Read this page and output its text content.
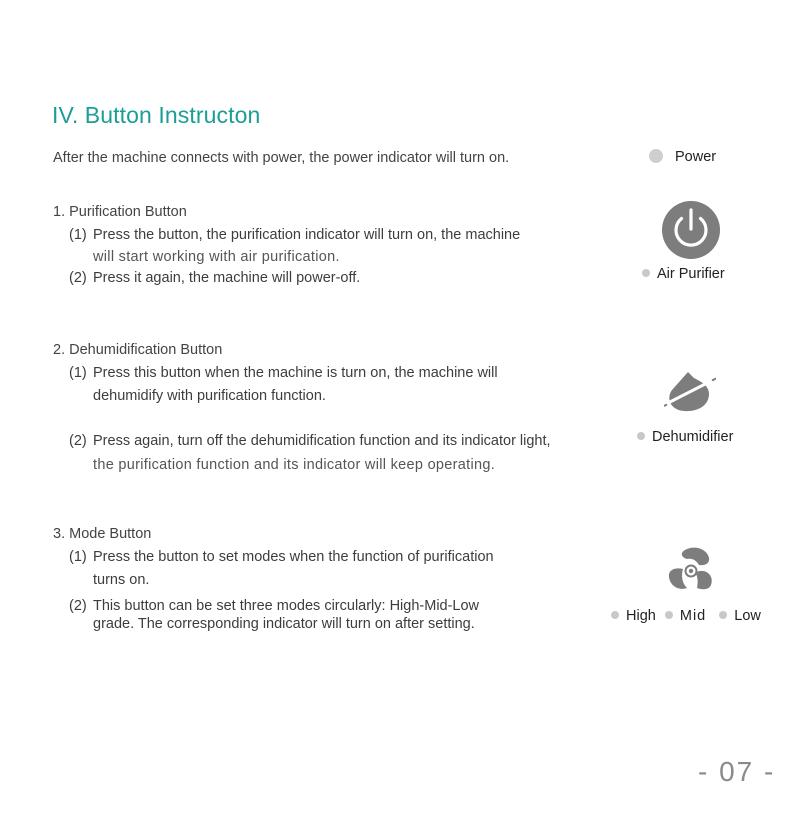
IV. Button Instructon
After the machine connects with power, the power indicator will turn on.	Power
1. Purification Button
(1) Press the button, the purification indicator will turn on, the machine
will start working with air purification.
(2) Press it again, the machine will power-off.	Air Purifier
2. Dehumidification Button
(1) Press this button when the machine is turn on, the machine will
dehumidify with purification function.
(2) Press again, turn off the dehumidification function and its indicator light,
the purification function and its indicator will keep operating.
Dehumidifier
3. Mode Button
(1) Press the button to set modes when the function of purification
turns on.
(2) This button can be set three modes circularly: High-Mid-Low
grade. The corresponding indicator will turn on after setting.	High Mid Low
- 07 -
